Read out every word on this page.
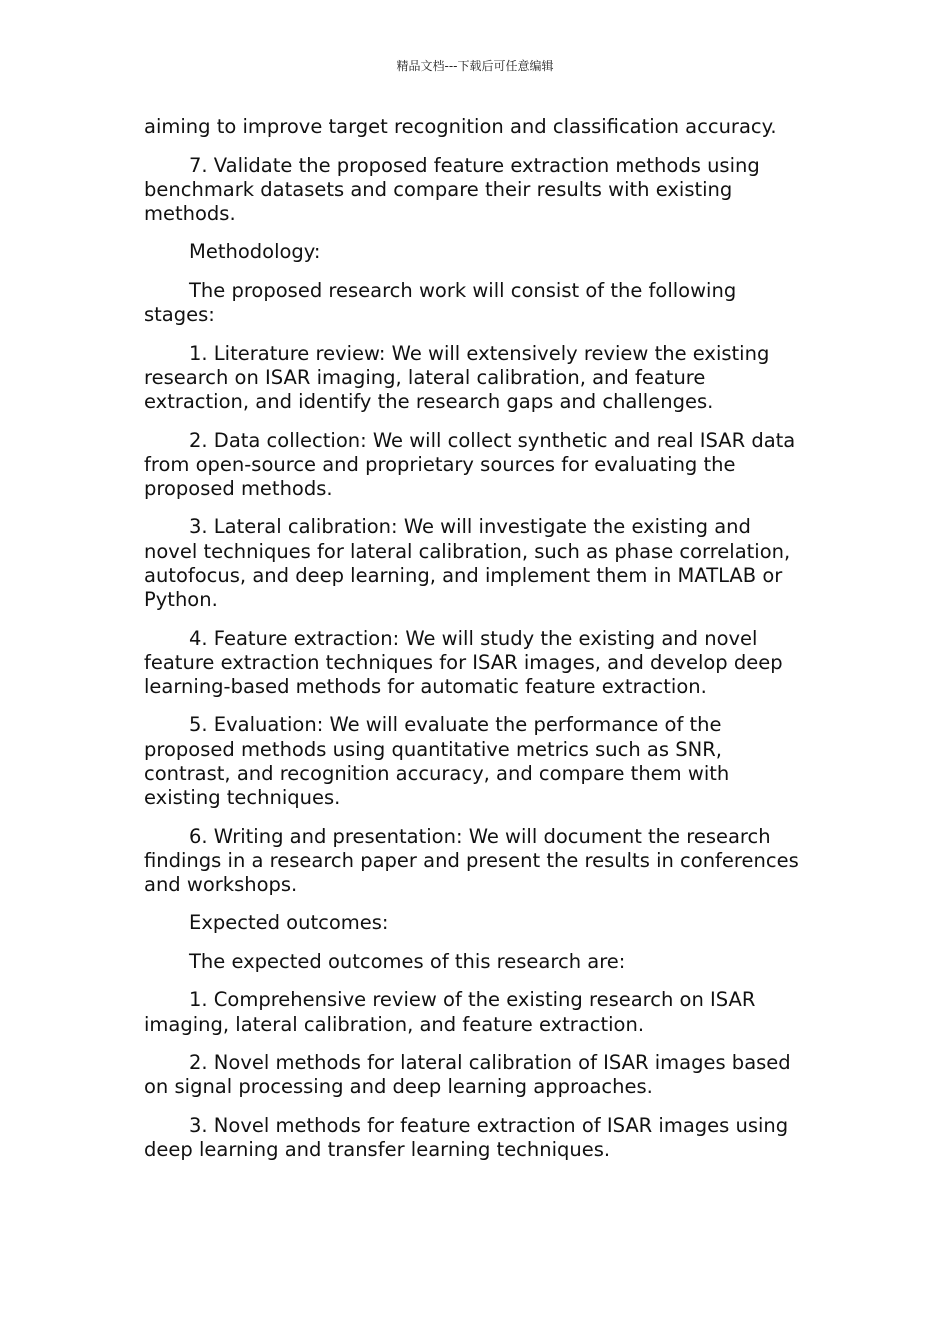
精品文档---下载后可任意编辑

aiming to improve target recognition and classification accuracy.

7. Validate the proposed feature extraction methods using benchmark datasets and compare their results with existing methods.

Methodology:

The proposed research work will consist of the following stages:

1. Literature review: We will extensively review the existing research on ISAR imaging, lateral calibration, and feature extraction, and identify the research gaps and challenges.

2. Data collection: We will collect synthetic and real ISAR data from open-source and proprietary sources for evaluating the proposed methods.

3. Lateral calibration: We will investigate the existing and novel techniques for lateral calibration, such as phase correlation, autofocus, and deep learning, and implement them in MATLAB or Python.

4. Feature extraction: We will study the existing and novel feature extraction techniques for ISAR images, and develop deep learning-based methods for automatic feature extraction.

5. Evaluation: We will evaluate the performance of the proposed methods using quantitative metrics such as SNR, contrast, and recognition accuracy, and compare them with existing techniques.

6. Writing and presentation: We will document the research findings in a research paper and present the results in conferences and workshops.

Expected outcomes:

The expected outcomes of this research are:

1. Comprehensive review of the existing research on ISAR imaging, lateral calibration, and feature extraction.

2. Novel methods for lateral calibration of ISAR images based on signal processing and deep learning approaches.

3. Novel methods for feature extraction of ISAR images using deep learning and transfer learning techniques.
